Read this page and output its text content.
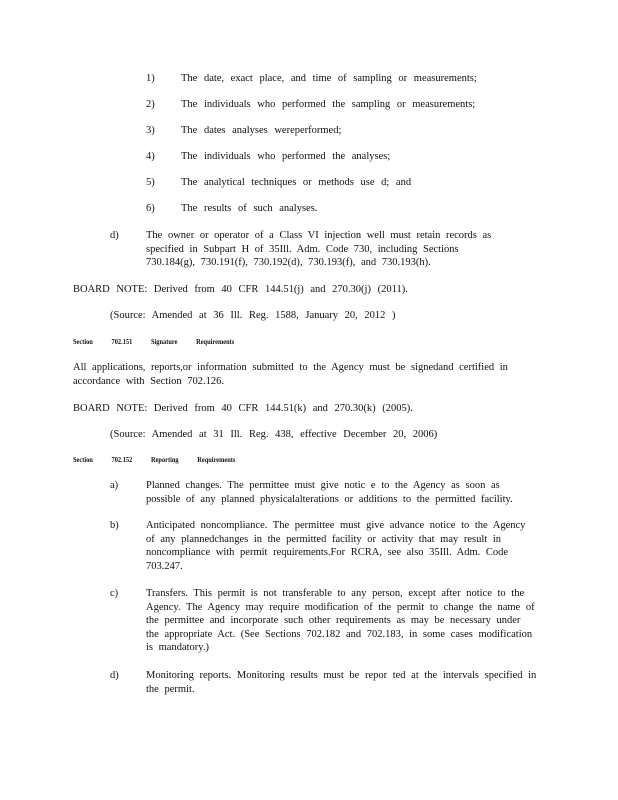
1)	The date, exact place, and time of sampling or measurements;
2)	The individuals who performed the sampling or measurements;
3)	The dates analyses wereperformed;
4)	The individuals who performed the analyses;
5)	The analytical techniques or methods use d; and
6)	The results of such analyses.
d)	The owner or operator of a Class VI injection well must retain records as specified in Subpart H of 35Ill. Adm. Code 730, including Sections 730.184(g), 730.191(f), 730.192(d), 730.193(f), and 730.193(h).
BOARD NOTE: Derived from 40 CFR 144.51(j) and 270.30(j) (2011).
(Source: Amended at 36 Ill. Reg. 1588, January 20, 2012 )
Section 702.151 Signature Requirements
All applications, reports,or information submitted to the Agency must be signedand certified in accordance with Section 702.126.
BOARD NOTE: Derived from 40 CFR 144.51(k) and 270.30(k) (2005).
(Source: Amended at 31 Ill. Reg. 438, effective December 20, 2006)
Section 702.152 Reporting Requirements
a)	Planned changes. The permittee must give notic e to the Agency as soon as possible of any planned physicalalterations or additions to the permitted facility.
b)	Anticipated noncompliance. The permittee must give advance notice to the Agency of any plannedchanges in the permitted facility or activity that may result in noncompliance with permit requirements.For RCRA, see also 35Ill. Adm. Code 703.247.
c)	Transfers. This permit is not transferable to any person, except after notice to the Agency. The Agency may require modification of the permit to change the name of the permittee and incorporate such other requirements as may be necessary under the appropriate Act. (See Sections 702.182 and 702.183, in some cases modification is mandatory.)
d)	Monitoring reports. Monitoring results must be repor ted at the intervals specified in the permit.
